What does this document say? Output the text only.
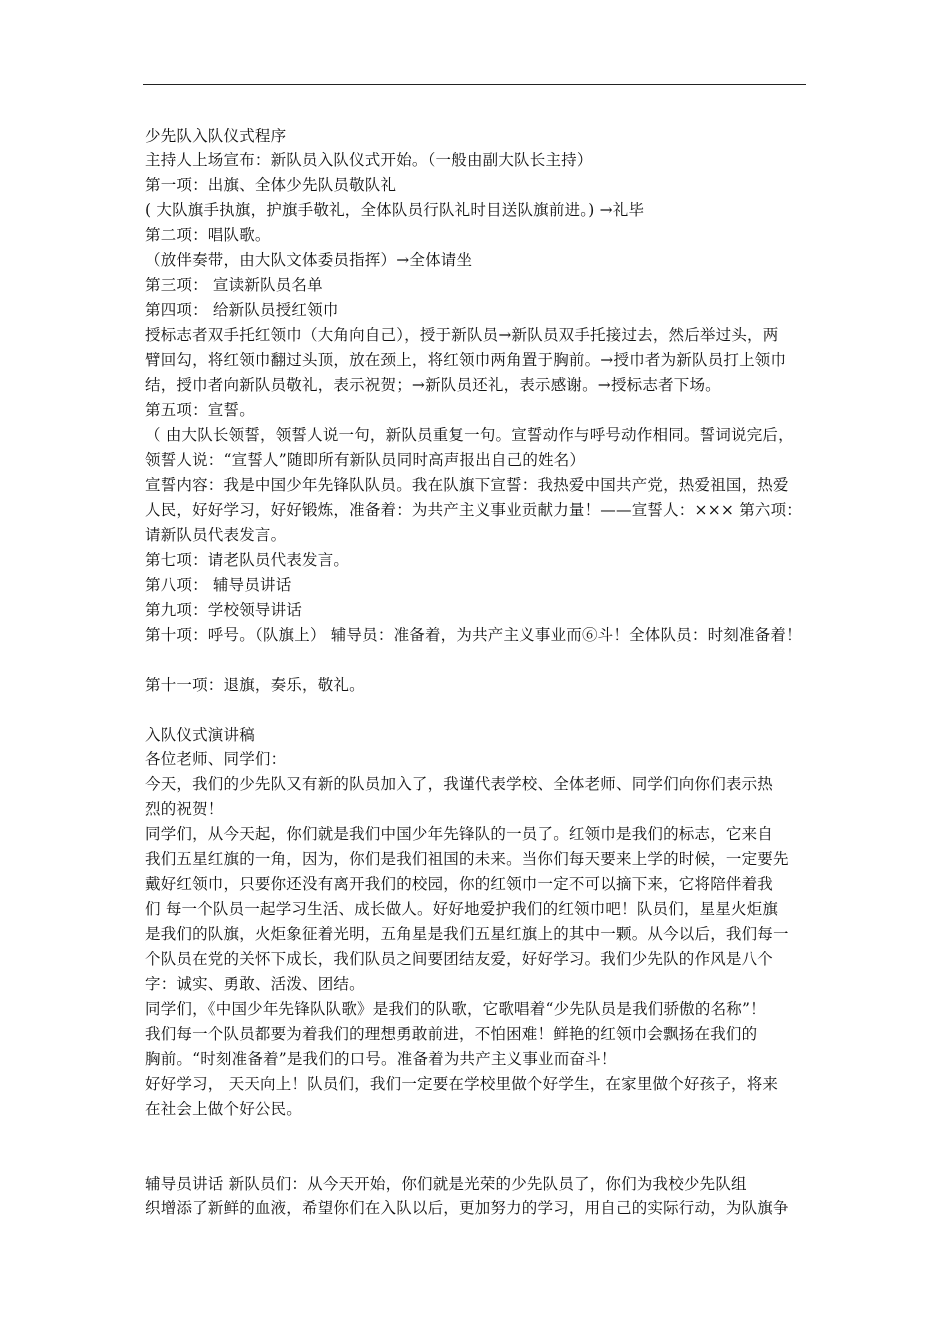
少先队入队仪式程序
主持人上场宣布：新队员入队仪式开始。（一般由副大队长主持）
第一项：出旗、全体少先队员敬队礼
( 大队旗手执旗，护旗手敬礼，全体队员行队礼时目送队旗前进。) →礼毕
第二项：唱队歌。
（放伴奏带，由大队文体委员指挥）→全体请坐
第三项： 宣读新队员名单
第四项： 给新队员授红领巾
授标志者双手托红领巾（大角向自己），授于新队员→新队员双手托接过去，然后举过头，两
臂回勾，将红领巾翻过头顶，放在颈上，将红领巾两角置于胸前。→授巾者为新队员打上领巾
结，授巾者向新队员敬礼，表示祝贺；→新队员还礼，表示感谢。→授标志者下场。
第五项：宣誓。
（ 由大队长领誓，领誓人说一句，新队员重复一句。宣誓动作与呼号动作相同。誓词说完后，
领誓人说：“宣誓人”随即所有新队员同时高声报出自己的姓名）
宣誓内容：我是中国少年先锋队队员。我在队旗下宣誓：我热爱中国共产党，热爱祖国，热爱
人民，好好学习，好好锻炼，准备着：为共产主义事业贡献力量！——宣誓人：××× 第六项：
请新队员代表发言。
第七项：请老队员代表发言。
第八项： 辅导员讲话
第九项：学校领导讲话
第十项：呼号。（队旗上） 辅导员：准备着，为共产主义事业而⑥斗！全体队员：时刻准备着！
第十一项：退旗，奏乐，敬礼。
入队仪式演讲稿
各位老师、同学们：
今天，我们的少先队又有新的队员加入了，我谨代表学校、全体老师、同学们向你们表示热
烈的祝贺！
同学们，从今天起，你们就是我们中国少年先锋队的一员了。红领巾是我们的标志，它来自
我们五星红旗的一角，因为，你们是我们祖国的未来。当你们每天要来上学的时候，一定要先
戴好红领巾，只要你还没有离开我们的校园，你的红领巾一定不可以摘下来，它将陪伴着我
们 每一个队员一起学习生活、成长做人。好好地爱护我们的红领巾吧！队员们，星星火炬旗
是我们的队旗，火炬象征着光明，五角星是我们五星红旗上的其中一颗。从今以后，我们每一
个队员在党的关怀下成长，我们队员之间要团结友爱，好好学习。我们少先队的作风是八个
字：诚实、勇敢、活泼、团结。
同学们，《中国少年先锋队队歌》是我们的队歌，它歌唱着“少先队员是我们骄傲的名称”！
我们每一个队员都要为着我们的理想勇敢前进，不怕困难！鲜艳的红领巾会飘扬在我们的
胸前。“时刻准备着”是我们的口号。准备着为共产主义事业而奋斗！
好好学习， 天天向上！队员们，我们一定要在学校里做个好学生，在家里做个好孩子，将来
在社会上做个好公民。
辅导员讲话 新队员们：从今天开始，你们就是光荣的少先队员了，你们为我校少先队组
织增添了新鲜的血液，希望你们在入队以后，更加努力的学习，用自己的实际行动，为队旗争
